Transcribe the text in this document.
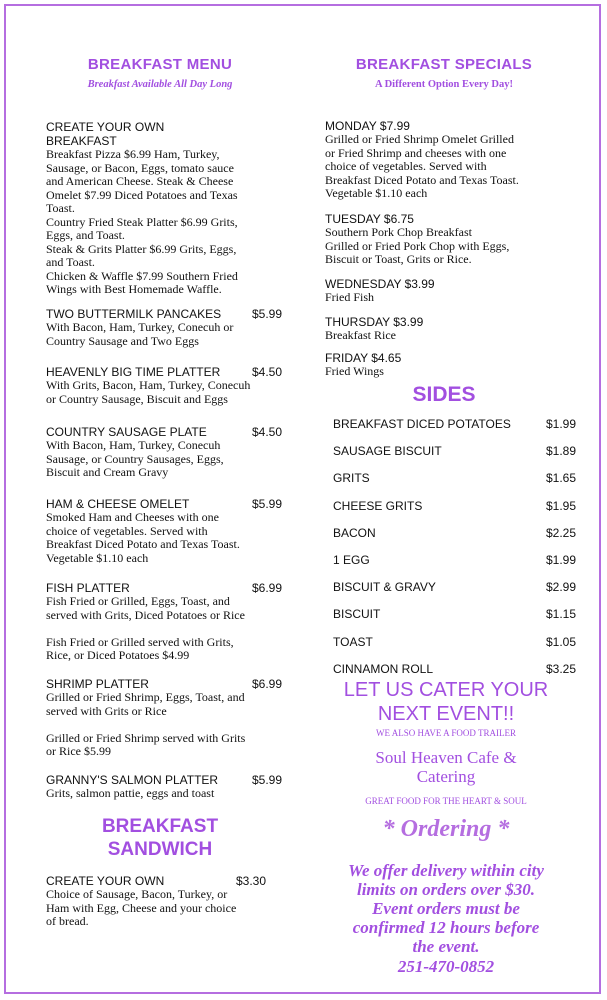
BREAKFAST MENU
Breakfast Available All Day Long
CREATE YOUR OWN
BREAKFAST
Breakfast Pizza $6.99 Ham, Turkey,
Sausage, or Bacon, Eggs, tomato sauce
and American Cheese. Steak & Cheese
Omelet $7.99 Diced Potatoes and Texas
Toast.
Country Fried Steak Platter $6.99 Grits,
Eggs, and Toast.
Steak & Grits Platter $6.99 Grits, Eggs,
and Toast.
Chicken & Waffle $7.99 Southern Fried
Wings with Best Homemade Waffle.
TWO BUTTERMILK PANCAKES	$5.99
With Bacon, Ham, Turkey, Conecuh or
Country Sausage and Two Eggs
HEAVENLY BIG TIME PLATTER	$4.50
With Grits, Bacon, Ham, Turkey, Conecuh
or Country Sausage, Biscuit and Eggs
COUNTRY SAUSAGE PLATE	$4.50
With Bacon, Ham, Turkey, Conecuh
Sausage, or Country Sausages, Eggs,
Biscuit and Cream Gravy
HAM & CHEESE OMELET	$5.99
Smoked Ham and Cheeses with one
choice of vegetables. Served with
Breakfast Diced Potato and Texas Toast.
Vegetable $1.10 each
FISH PLATTER	$6.99
Fish Fried or Grilled, Eggs, Toast, and
served with Grits, Diced Potatoes or Rice
Fish Fried or Grilled served with Grits,
Rice, or Diced Potatoes $4.99
SHRIMP PLATTER	$6.99
Grilled or Fried Shrimp, Eggs, Toast, and
served with Grits or Rice
Grilled or Fried Shrimp served with Grits
or Rice $5.99
GRANNY'S SALMON PLATTER	$5.99
Grits, salmon pattie, eggs and toast
BREAKFAST
SANDWICH
CREATE YOUR OWN	$3.30
Choice of Sausage, Bacon, Turkey, or
Ham with Egg, Cheese and your choice
of bread.
BREAKFAST SPECIALS
A Different Option Every Day!
MONDAY $7.99
Grilled or Fried Shrimp Omelet Grilled
or Fried Shrimp and cheeses with one
choice of vegetables. Served with
Breakfast Diced Potato and Texas Toast.
Vegetable $1.10 each
TUESDAY $6.75
Southern Pork Chop Breakfast
Grilled or Fried Pork Chop with Eggs,
Biscuit or Toast, Grits or Rice.
WEDNESDAY $3.99
Fried Fish
THURSDAY $3.99
Breakfast Rice
FRIDAY $4.65
Fried Wings
SIDES
BREAKFAST DICED POTATOES	$1.99
SAUSAGE BISCUIT	$1.89
GRITS	$1.65
CHEESE GRITS	$1.95
BACON	$2.25
1 EGG	$1.99
BISCUIT & GRAVY	$2.99
BISCUIT	$1.15
TOAST	$1.05
CINNAMON ROLL	$3.25
LET US CATER YOUR
NEXT EVENT!!
WE ALSO HAVE A FOOD TRAILER
Soul Heaven Cafe &
Catering
GREAT FOOD FOR THE HEART & SOUL
* Ordering *
We offer delivery within city
limits on orders over $30.
Event orders must be
confirmed 12 hours before
the event.
251-470-0852
